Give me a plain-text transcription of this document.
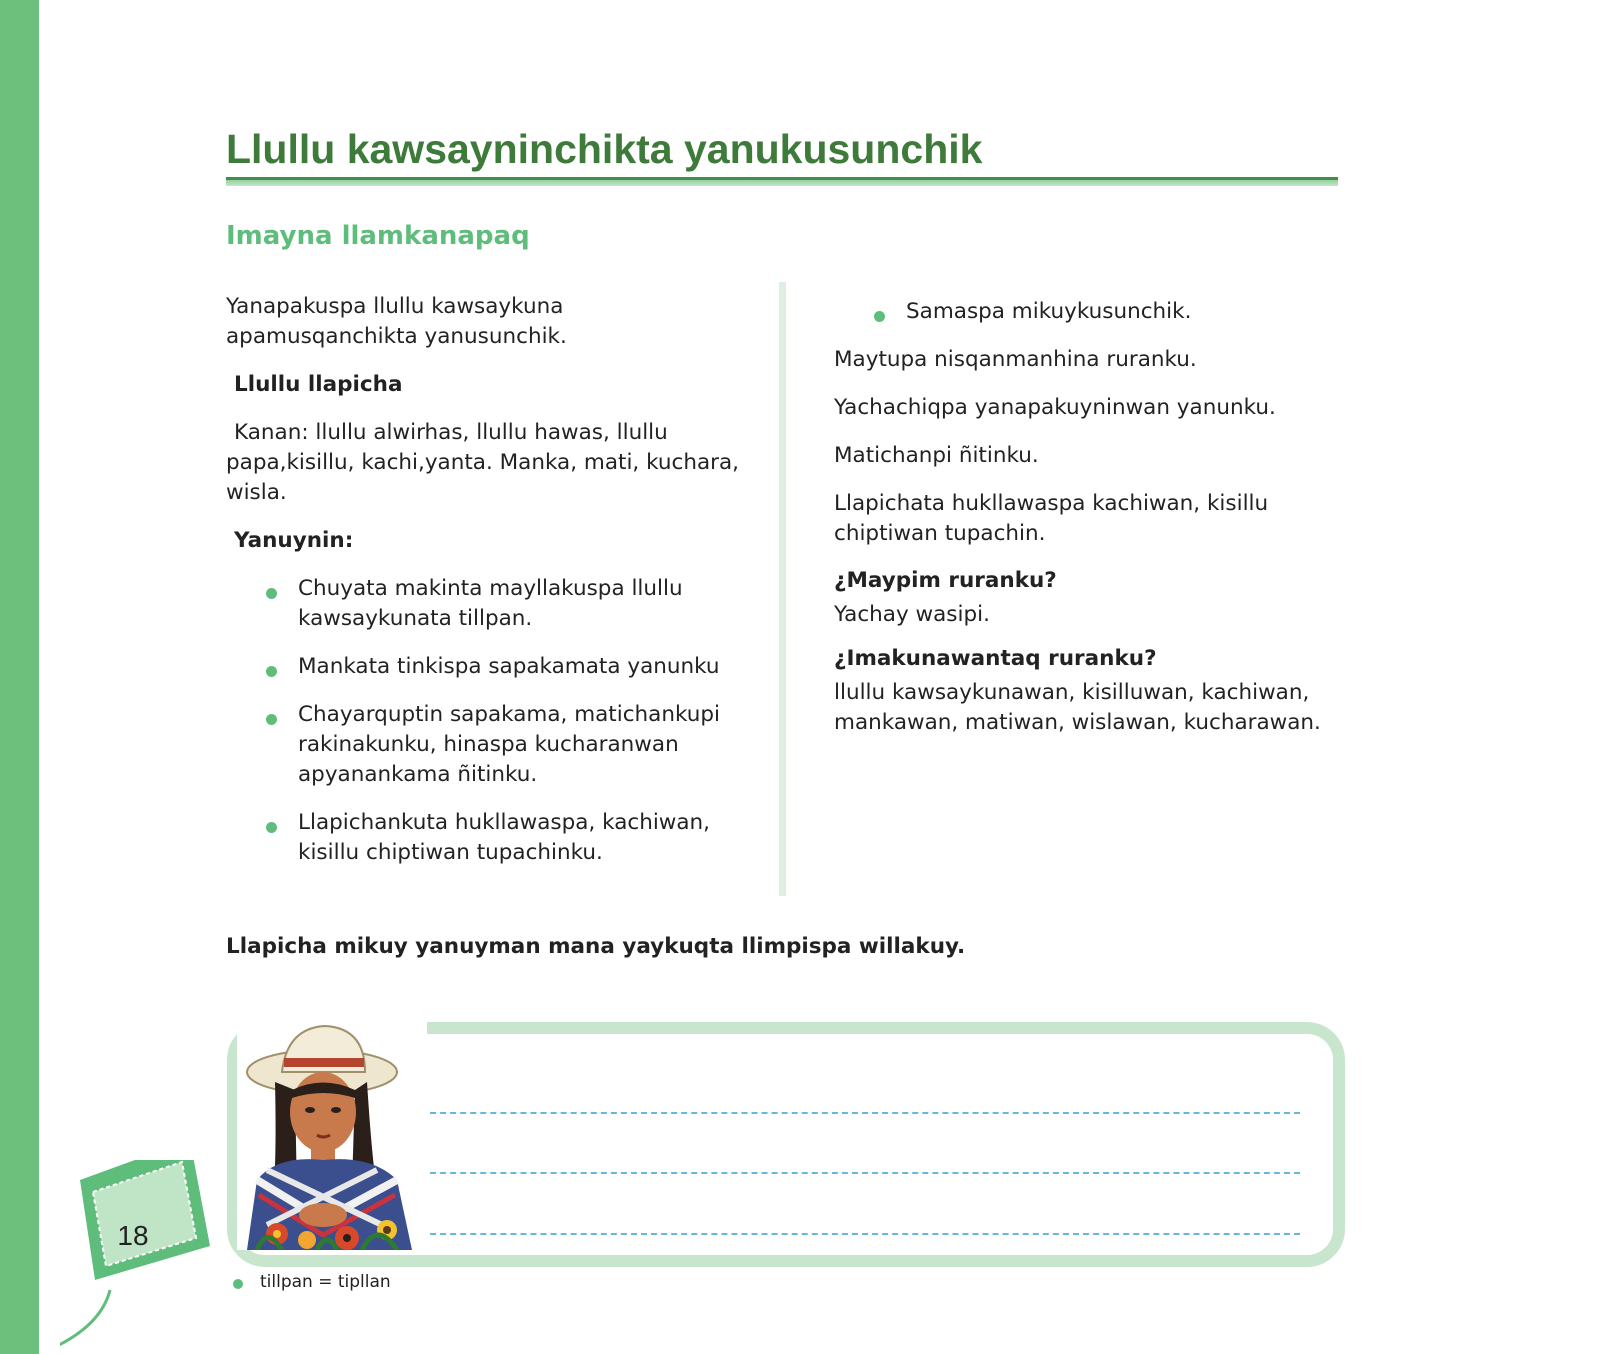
Llullu kawsayninchikta yanukusunchik
Imayna llamkanapaq

Yanapakuspa llullu kawsaykuna apamusqanchikta yanusunchik.

Llullu llapicha

Kanan: llullu alwirhas, llullu hawas, llullu papa,kisillu, kachi,yanta. Manka, mati, kuchara, wisla.

Yanuynin:

Chuyata makinta mayllakuspa llullu kawsaykunata tillpan.
Mankata tinkispa sapakamata yanunku
Chayarquptin sapakama, matichankupi rakinakunku, hinaspa kucharanwan apyanankama ñitinku.
Llapichankuta hukllawaspa, kachiwan, kisillu chiptiwan tupachinku.
Samaspa mikuykusunchik.

Maytupa nisqanmanhina ruranku.

Yachachiqpa yanapakuyninwan yanunku.

Matichanpi ñitinku.

Llapichata hukllawaspa kachiwan, kisillu chiptiwan tupachin.

¿Maypim ruranku?

Yachay wasipi.

¿Imakunawantaq ruranku?

llullu kawsaykunawan, kisilluwan, kachiwan, mankawan, matiwan, wislawan, kucharawan.

Llapicha mikuy yanuyman mana yaykuqta llimpispa willakuy.

tillpan = tipllan
18
